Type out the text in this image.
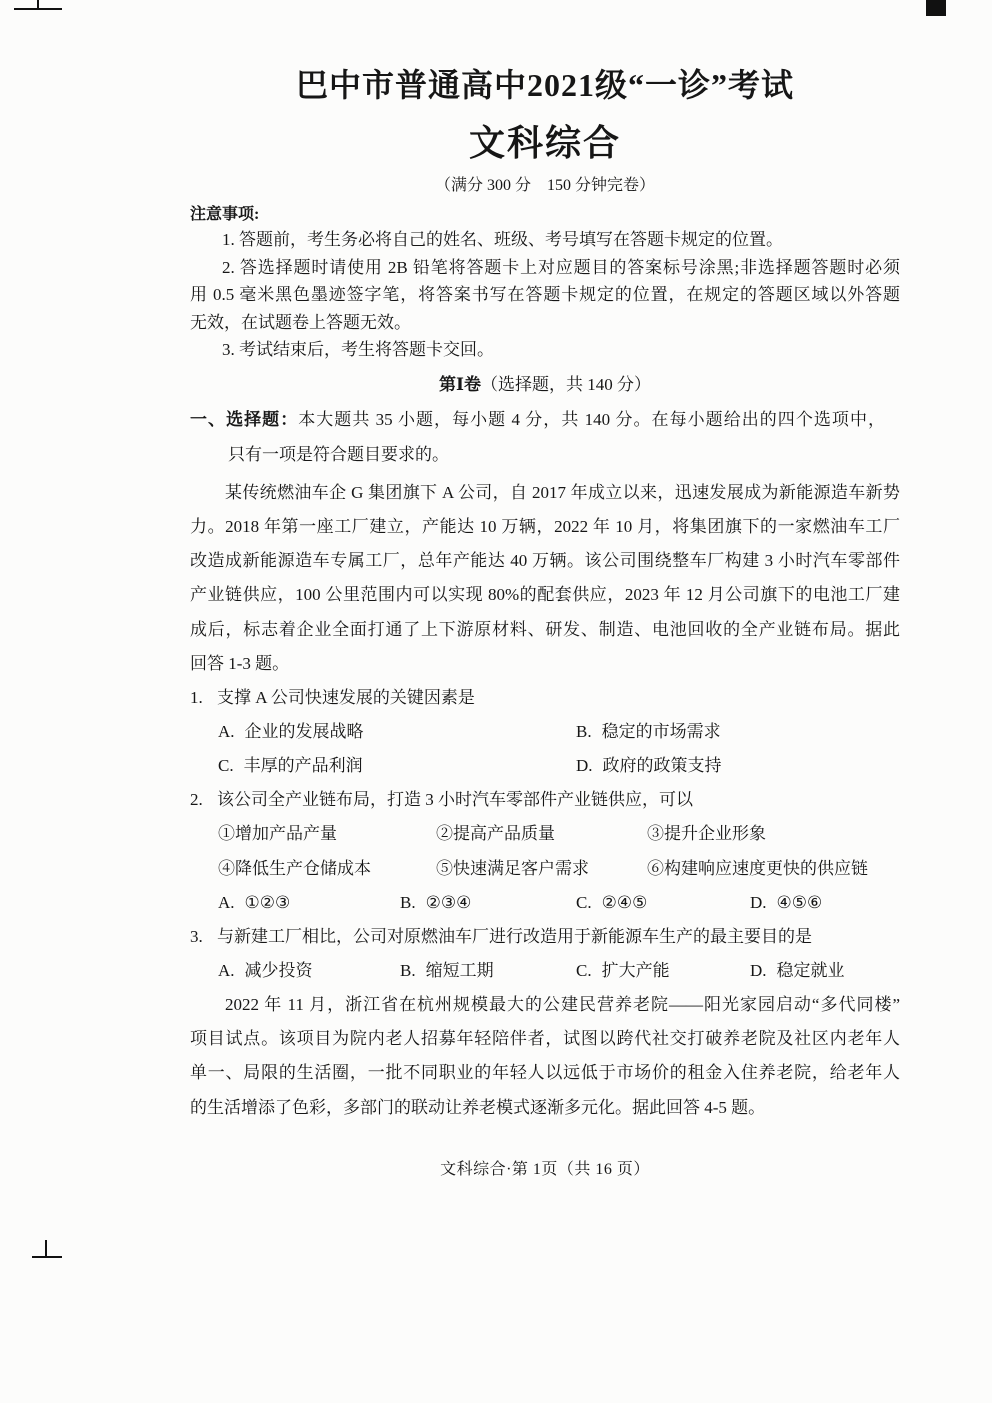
巴中市普通高中2021级“一诊”考试
文科综合
（满分 300 分　150 分钟完卷）
注意事项:
1. 答题前，考生务必将自己的姓名、班级、考号填写在答题卡规定的位置。
2. 答选择题时请使用 2B 铅笔将答题卡上对应题目的答案标号涂黑;非选择题答题时必须
用 0.5 毫米黑色墨迹签字笔，将答案书写在答题卡规定的位置，在规定的答题区域以外答题
无效，在试题卷上答题无效。
3. 考试结束后，考生将答题卡交回。
第Ⅰ卷（选择题，共 140 分）
一、选择题：本大题共 35 小题，每小题 4 分，共 140 分。在每小题给出的四个选项中，
只有一项是符合题目要求的。
某传统燃油车企 G 集团旗下 A 公司，自 2017 年成立以来，迅速发展成为新能源造车新势
力。2018 年第一座工厂建立，产能达 10 万辆，2022 年 10 月，将集团旗下的一家燃油车工厂
改造成新能源造车专属工厂，总年产能达 40 万辆。该公司围绕整车厂构建 3 小时汽车零部件
产业链供应，100 公里范围内可以实现 80%的配套供应，2023 年 12 月公司旗下的电池工厂建
成后，标志着企业全面打通了上下游原材料、研发、制造、电池回收的全产业链布局。据此
回答 1-3 题。
1. 支撑 A 公司快速发展的关键因素是
A. 企业的发展战略	B. 稳定的市场需求
C. 丰厚的产品利润	D. 政府的政策支持
2. 该公司全产业链布局，打造 3 小时汽车零部件产业链供应，可以
①增加产品产量	②提高产品质量	③提升企业形象
④降低生产仓储成本	⑤快速满足客户需求	⑥构建响应速度更快的供应链
A. ①②③	B. ②③④	C. ②④⑤	D. ④⑤⑥
3. 与新建工厂相比，公司对原燃油车厂进行改造用于新能源车生产的最主要目的是
A. 减少投资	B. 缩短工期	C. 扩大产能	D. 稳定就业
2022 年 11 月，浙江省在杭州规模最大的公建民营养老院——阳光家园启动“多代同楼”
项目试点。该项目为院内老人招募年轻陪伴者，试图以跨代社交打破养老院及社区内老年人
单一、局限的生活圈，一批不同职业的年轻人以远低于市场价的租金入住养老院，给老年人
的生活增添了色彩，多部门的联动让养老模式逐渐多元化。据此回答 4-5 题。
文科综合·第 1页（共 16 页）
